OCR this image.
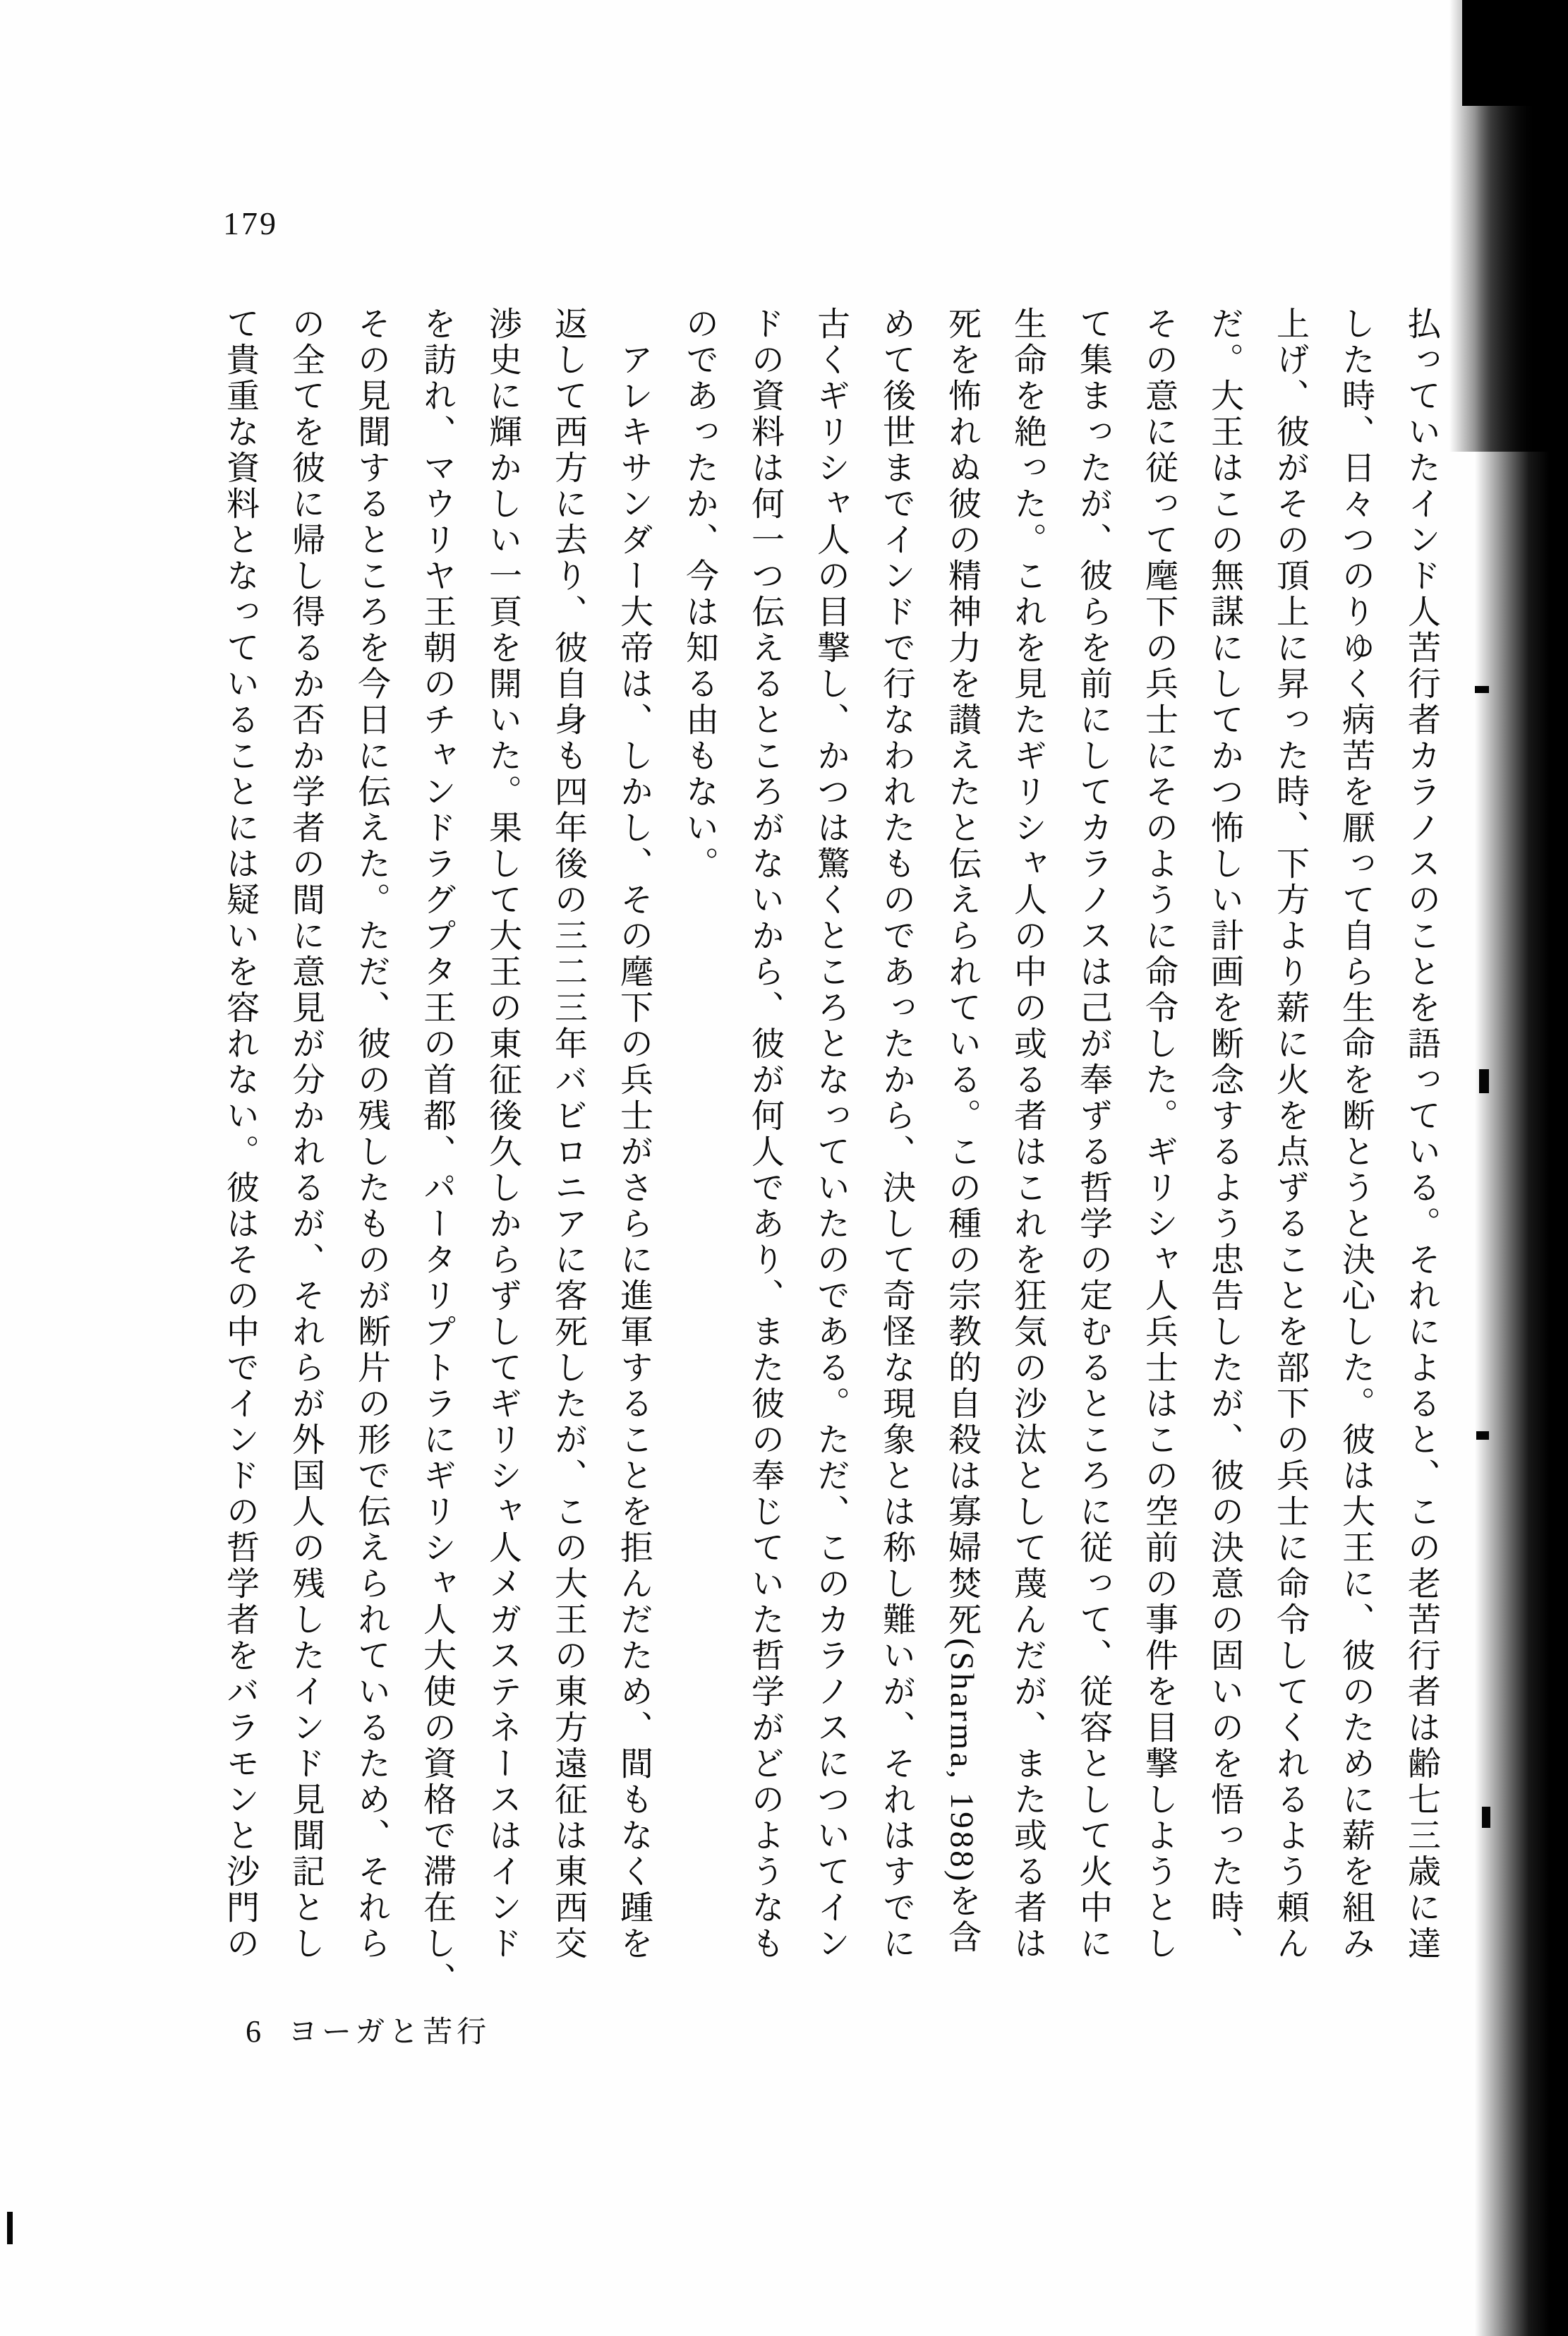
179
払っていたインド人苦行者カラノスのことを語っている。それによると、この老苦行者は齢七三歳に達
した時、日々つのりゆく病苦を厭って自ら生命を断とうと決心した。彼は大王に、彼のために薪を組み
上げ、彼がその頂上に昇った時、下方より薪に火を点ずることを部下の兵士に命令してくれるよう頼ん
だ。大王はこの無謀にしてかつ怖しい計画を断念するよう忠告したが、彼の決意の固いのを悟った時、
その意に従って麾下の兵士にそのように命令した。ギリシャ人兵士はこの空前の事件を目撃しようとし
て集まったが、彼らを前にしてカラノスは己が奉ずる哲学の定むるところに従って、従容として火中に
生命を絶った。これを見たギリシャ人の中の或る者はこれを狂気の沙汰として蔑んだが、また或る者は
死を怖れぬ彼の精神力を讃えたと伝えられている。この種の宗教的自殺は寡婦焚死(Sharma, 1988)を含
めて後世までインドで行なわれたものであったから、決して奇怪な現象とは称し難いが、それはすでに
古くギリシャ人の目撃し、かつは驚くところとなっていたのである。ただ、このカラノスについてイン
ドの資料は何一つ伝えるところがないから、彼が何人であり、また彼の奉じていた哲学がどのようなも
のであったか、今は知る由もない。
　アレキサンダー大帝は、しかし、その麾下の兵士がさらに進軍することを拒んだため、間もなく踵を
返して西方に去り、彼自身も四年後の三二三年バビロニアに客死したが、この大王の東方遠征は東西交
渉史に輝かしい一頁を開いた。果して大王の東征後久しからずしてギリシャ人メガステネースはインド
を訪れ、マウリヤ王朝のチャンドラグプタ王の首都、パータリプトラにギリシャ人大使の資格で滞在し、
その見聞するところを今日に伝えた。ただ、彼の残したものが断片の形で伝えられているため、それら
の全てを彼に帰し得るか否か学者の間に意見が分かれるが、それらが外国人の残したインド見聞記とし
て貴重な資料となっていることには疑いを容れない。彼はその中でインドの哲学者をバラモンと沙門の
6 ヨーガと苦行
